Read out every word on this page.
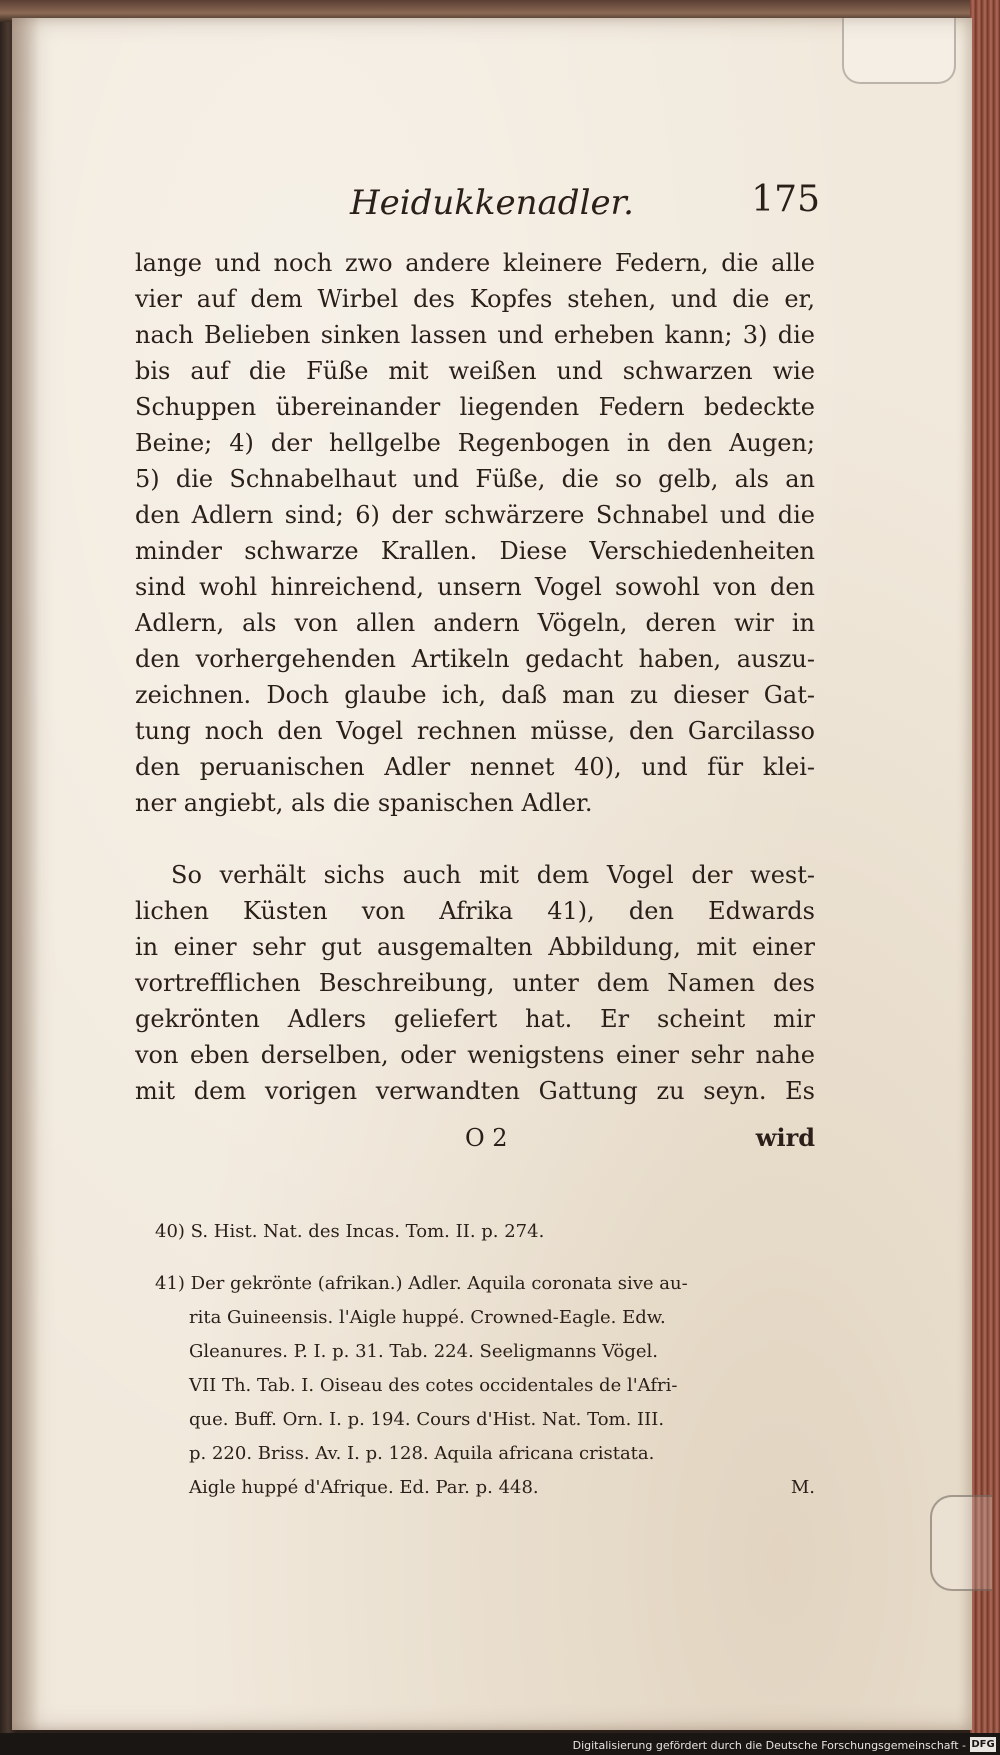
Heidukkenadler.	175
lange und noch zwo andere kleinere Federn, die alle
vier auf dem Wirbel des Kopfes stehen, und die er,
nach Belieben sinken lassen und erheben kann; 3) die
bis auf die Füße mit weißen und schwarzen wie
Schuppen übereinander liegenden Federn bedeckte
Beine; 4) der hellgelbe Regenbogen in den Augen;
5) die Schnabelhaut und Füße, die so gelb, als an
den Adlern sind; 6) der schwärzere Schnabel und die
minder schwarze Krallen. Diese Verschiedenheiten
sind wohl hinreichend, unsern Vogel sowohl von den
Adlern, als von allen andern Vögeln, deren wir in
den vorhergehenden Artikeln gedacht haben, auszu-
zeichnen. Doch glaube ich, daß man zu dieser Gat-
tung noch den Vogel rechnen müsse, den Garcilasso
den peruanischen Adler nennet 40), und für klei-
ner angiebt, als die spanischen Adler.
So verhält sichs auch mit dem Vogel der west-
lichen Küsten von Afrika 41), den Edwards
in einer sehr gut ausgemalten Abbildung, mit einer
vortrefflichen Beschreibung, unter dem Namen des
gekrönten Adlers geliefert hat. Er scheint mir
von eben derselben, oder wenigstens einer sehr nahe
mit dem vorigen verwandten Gattung zu seyn. Es
O 2	wird
40) S. Hist. Nat. des Incas. Tom. II. p. 274.
41) Der gekrönte (afrikan.) Adler. Aquila coronata sive au-
rita Guineensis. l'Aigle huppé. Crowned-Eagle. Edw.
Gleanures. P. I. p. 31. Tab. 224. Seeligmanns Vögel.
VII Th. Tab. I. Oiseau des cotes occidentales de l'Afri-
que. Buff. Orn. I. p. 194. Cours d'Hist. Nat. Tom. III.
p. 220. Briss. Av. I. p. 128. Aquila africana cristata.
Aigle huppé d'Afrique. Ed. Par. p. 448.	M.
Digitalisierung gefördert durch die Deutsche Forschungsgemeinschaft - DFG
